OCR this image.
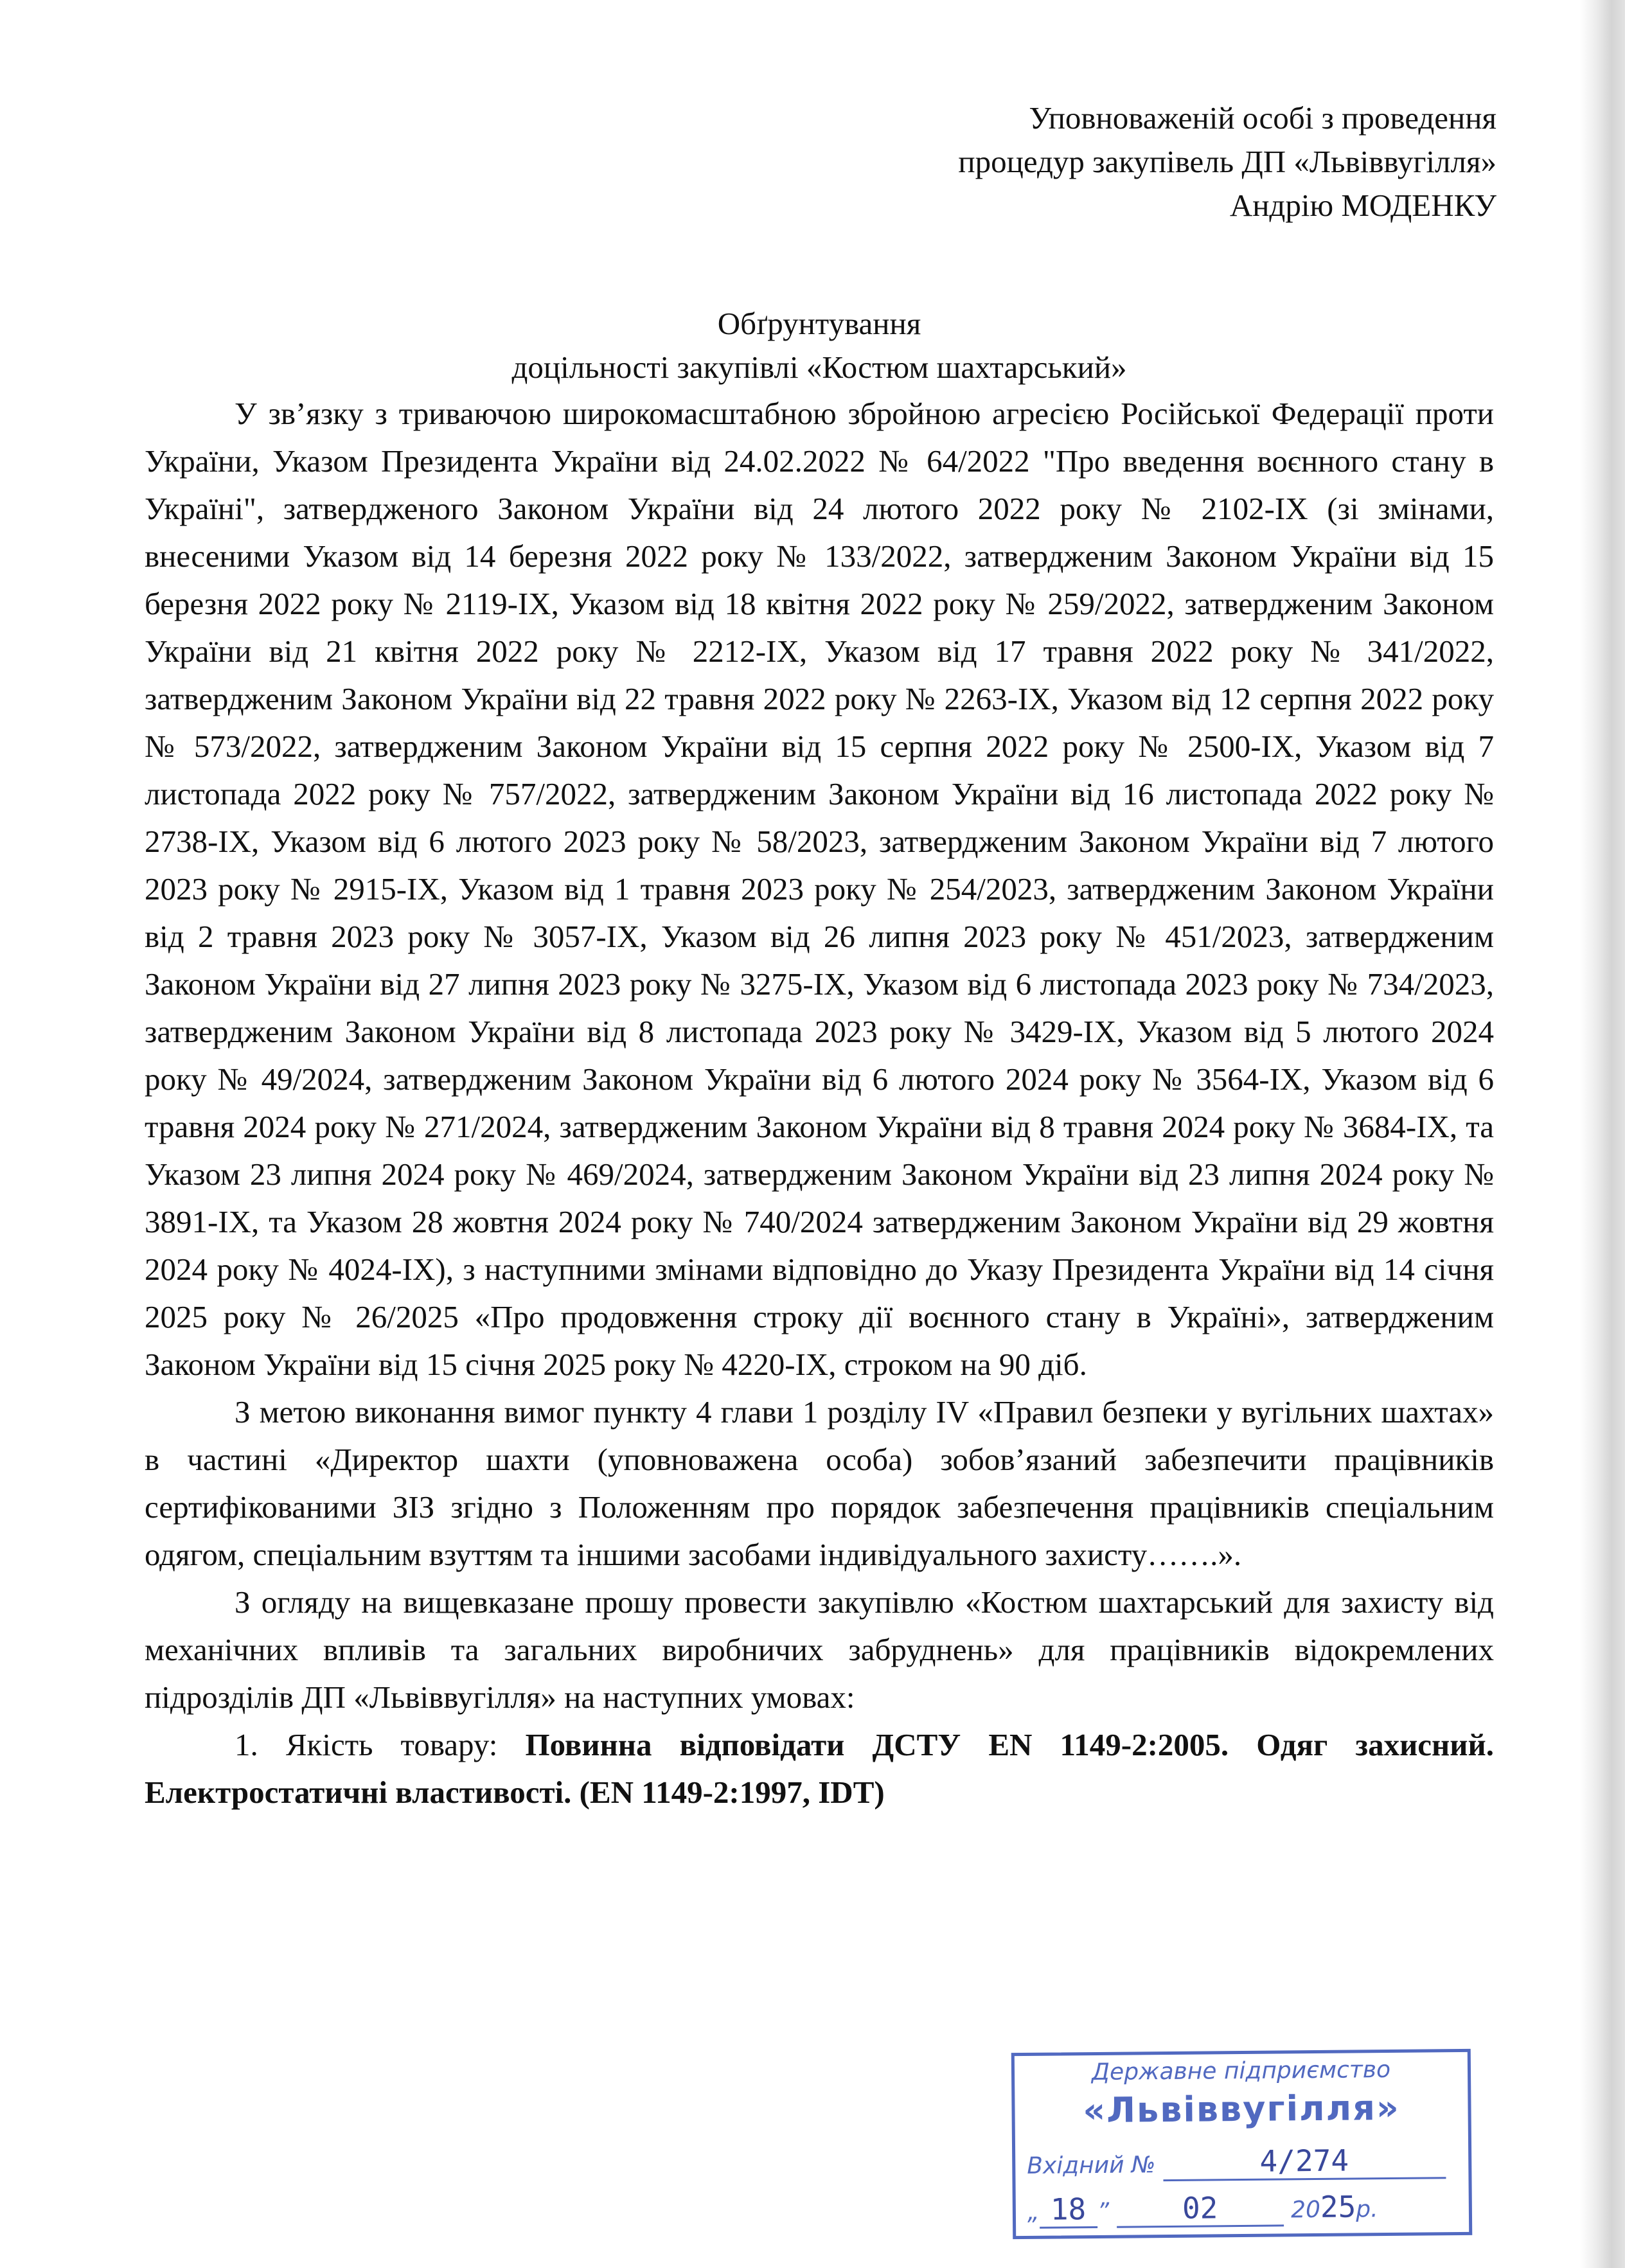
Уповноваженій особі з проведення
процедур закупівель ДП «Львіввугілля»
Андрію МОДЕНКУ
Обґрунтування
доцільності закупівлі «Костюм шахтарський»

У зв’язку з триваючою широкомасштабною збройною агресією Російської Федерації проти України, Указом Президента України від 24.02.2022 № 64/2022 "Про введення воєнного стану в Україні", затвердженого Законом України від 24 лютого 2022 року № 2102-IX (зі змінами, внесеними Указом від 14 березня 2022 року № 133/2022, затвердженим Законом України від 15 березня 2022 року № 2119-IX, Указом від 18 квітня 2022 року № 259/2022, затвердженим Законом України від 21 квітня 2022 року № 2212-IX, Указом від 17 травня 2022 року № 341/2022, затвердженим Законом України від 22 травня 2022 року № 2263-IX, Указом від 12 серпня 2022 року № 573/2022, затвердженим Законом України від 15 серпня 2022 року № 2500-IX, Указом від 7 листопада 2022 року № 757/2022, затвердженим Законом України від 16 листопада 2022 року № 2738-IX, Указом від 6 лютого 2023 року № 58/2023, затвердженим Законом України від 7 лютого 2023 року № 2915-IX, Указом від 1 травня 2023 року № 254/2023, затвердженим Законом України від 2 травня 2023 року № 3057-IX, Указом від 26 липня 2023 року № 451/2023, затвердженим Законом України від 27 липня 2023 року № 3275-IX, Указом від 6 листопада 2023 року № 734/2023, затвердженим Законом України від 8 листопада 2023 року № 3429-IX, Указом від 5 лютого 2024 року № 49/2024, затвердженим Законом України від 6 лютого 2024 року № 3564-IX, Указом від 6 травня 2024 року № 271/2024, затвердженим Законом України від 8 травня 2024 року № 3684-IX, та Указом 23 липня 2024 року № 469/2024, затвердженим Законом України від 23 липня 2024 року № 3891-IX, та Указом 28 жовтня 2024 року № 740/2024 затвердженим Законом України від 29 жовтня 2024 року № 4024-IX), з наступними змінами відповідно до Указу Президента України від 14 січня 2025 року № 26/2025 «Про продовження строку дії воєнного стану в Україні», затвердженим Законом України від 15 січня 2025 року № 4220-IX, строком на 90 діб.

З метою виконання вимог пункту 4 глави 1 розділу IV «Правил безпеки у вугільних шахтах» в частині «Директор шахти (уповноважена особа) зобов’язаний забезпечити працівників сертифікованими ЗІЗ згідно з Положенням про порядок забезпечення працівників спеціальним одягом, спеціальним взуттям та іншими засобами індивідуального захисту…….».

З огляду на вищевказане прошу провести закупівлю «Костюм шахтарський для захисту від механічних впливів та загальних виробничих забруднень» для працівників відокремлених підрозділів ДП «Львіввугілля» на наступних умовах:

1. Якість товару: Повинна відповідати ДСТУ EN 1149-2:2005. Одяг захисний. Електростатичні властивості. (EN 1149-2:1997, IDT)

Державне підприємство
«Львіввугілля»
Вхідний №	4/274
„ 18 ” 02	2025р.
